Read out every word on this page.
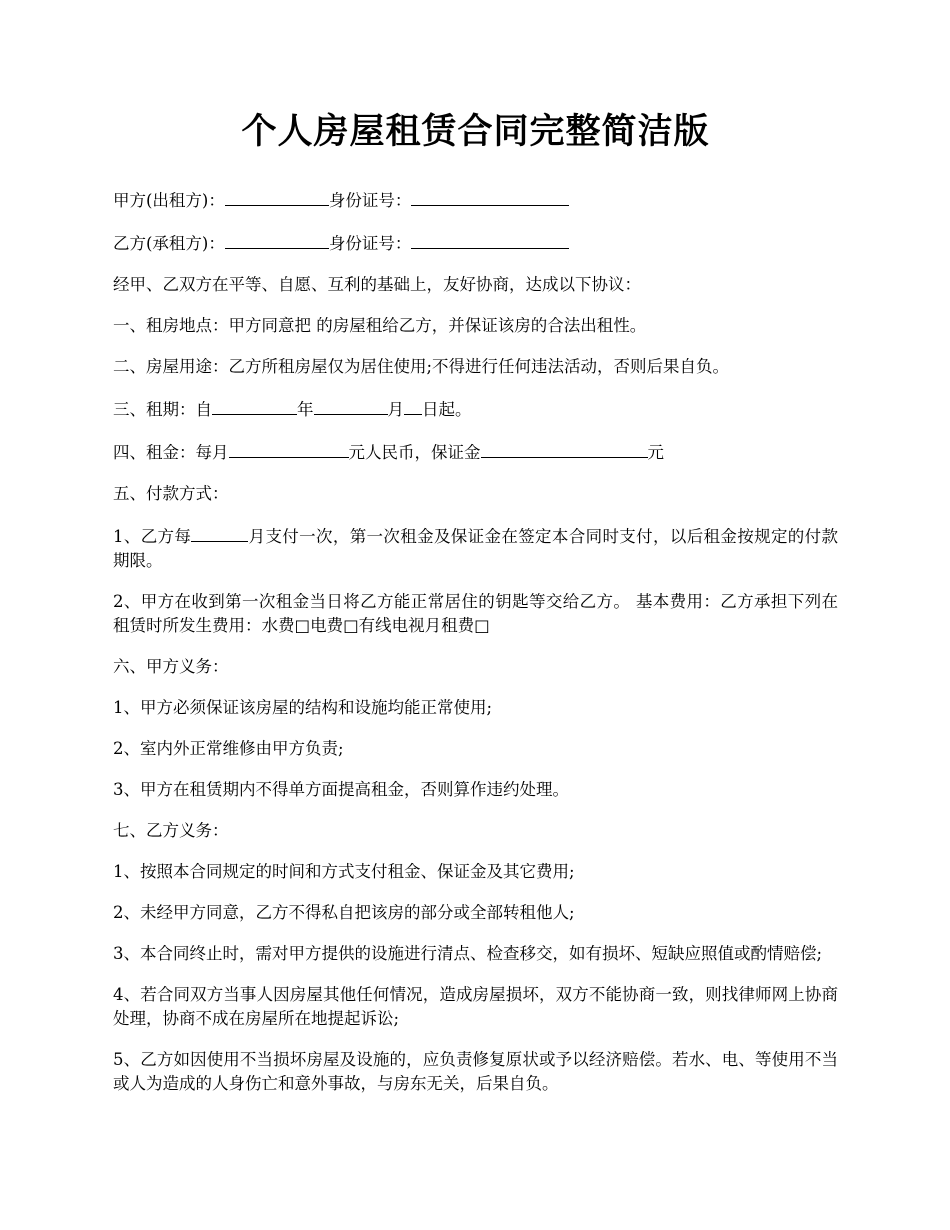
个人房屋租赁合同完整简洁版

甲方(出租方)：	身份证号：

乙方(承租方)：	身份证号：

经甲、乙双方在平等、自愿、互利的基础上，友好协商，达成以下协议：

一、租房地点：甲方同意把 的房屋租给乙方，并保证该房的合法出租性。

二、房屋用途：乙方所租房屋仅为居住使用;不得进行任何违法活动，否则后果自负。

三、租期：自	年	月 日起。

四、租金：每月	元人民币，保证金	元

五、付款方式：

1、乙方每	月支付一次，第一次租金及保证金在签定本合同时支付，以后租金按规定的付款期限。

2、甲方在收到第一次租金当日将乙方能正常居住的钥匙等交给乙方。 基本费用：乙方承担下列在租赁时所发生费用：水费□电费□有线电视月租费□

六、甲方义务：

1、甲方必须保证该房屋的结构和设施均能正常使用;

2、室内外正常维修由甲方负责;

3、甲方在租赁期内不得单方面提高租金，否则算作违约处理。

七、乙方义务：

1、按照本合同规定的时间和方式支付租金、保证金及其它费用;

2、未经甲方同意，乙方不得私自把该房的部分或全部转租他人;

3、本合同终止时，需对甲方提供的设施进行清点、检查移交，如有损坏、短缺应照值或酌情赔偿;

4、若合同双方当事人因房屋其他任何情况，造成房屋损坏，双方不能协商一致，则找律师网上协商处理，协商不成在房屋所在地提起诉讼;

5、乙方如因使用不当损坏房屋及设施的，应负责修复原状或予以经济赔偿。若水、电、等使用不当或人为造成的人身伤亡和意外事故，与房东无关，后果自负。
